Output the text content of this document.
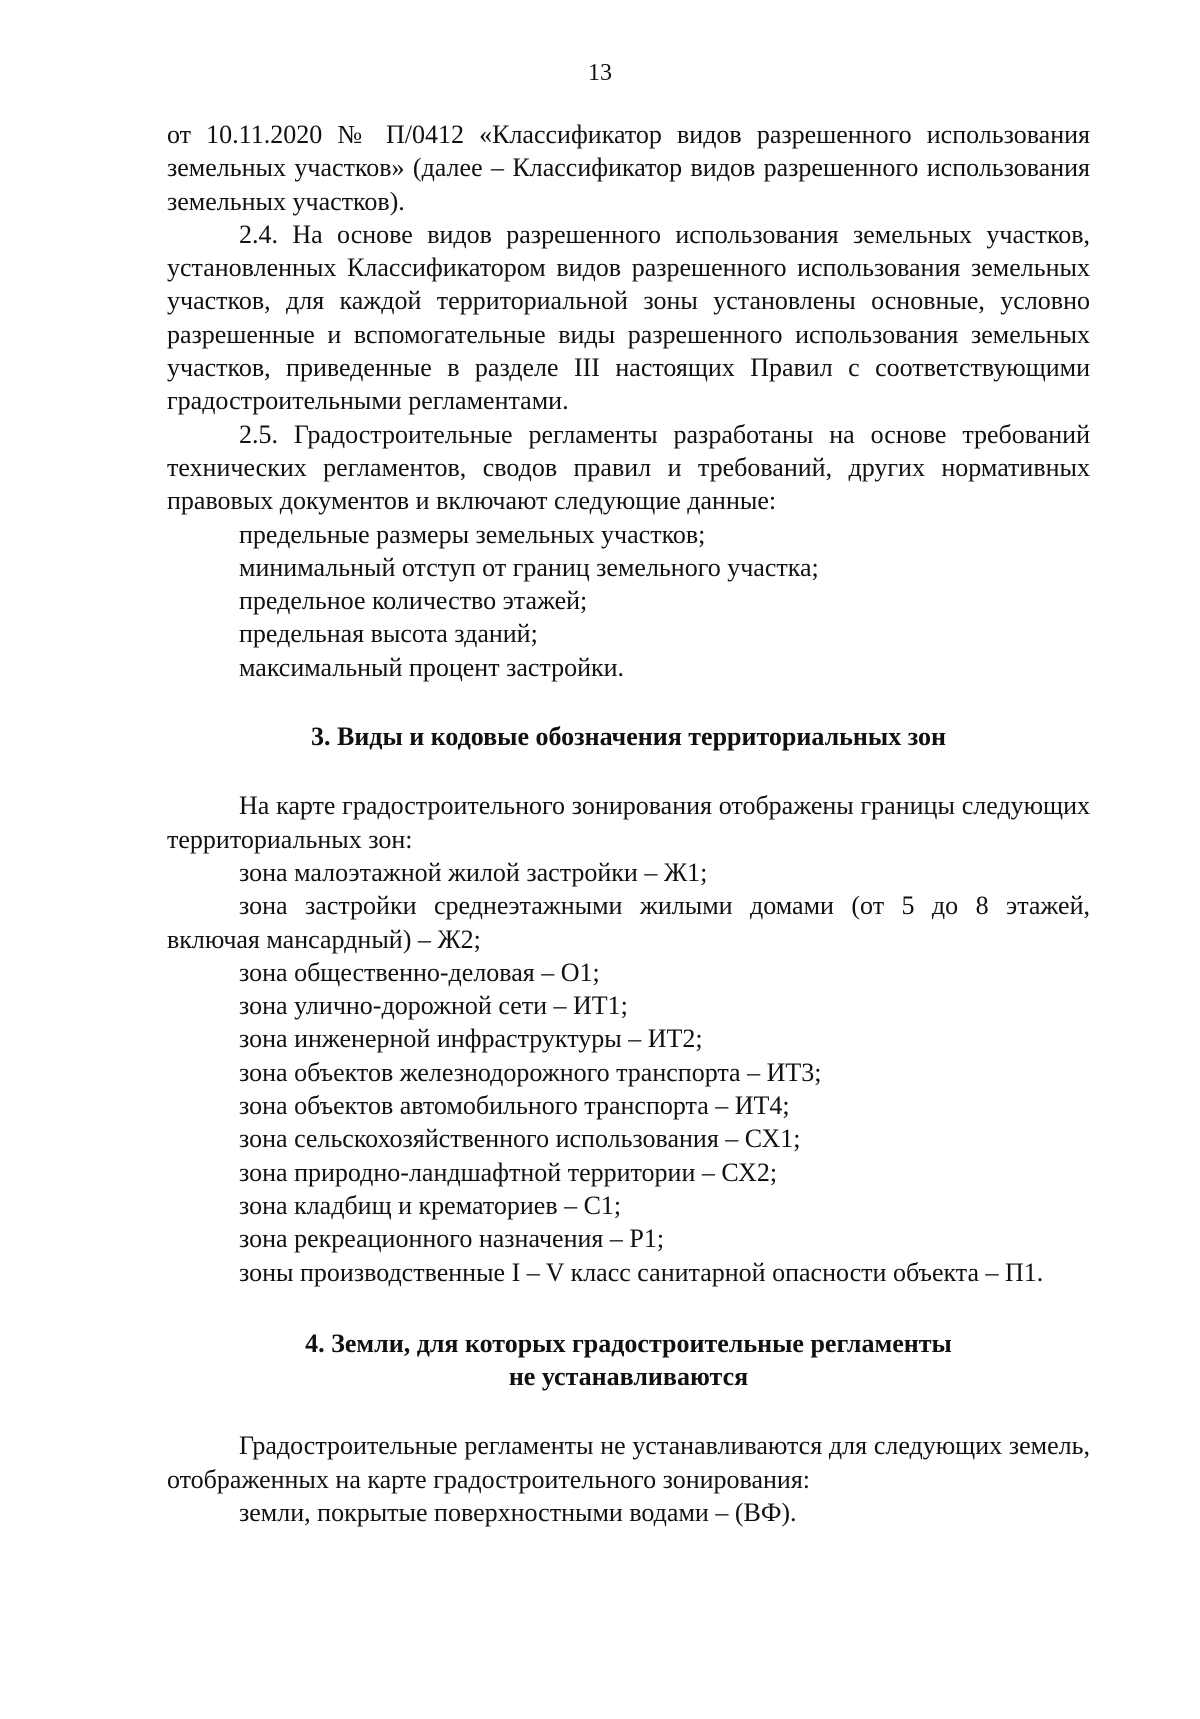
13

от 10.11.2020 № П/0412 «Классификатор видов разрешенного использования земельных участков» (далее – Классификатор видов разрешенного использования земельных участков).

2.4. На основе видов разрешенного использования земельных участков, установленных Классификатором видов разрешенного использования земельных участков, для каждой территориальной зоны установлены основные, условно разрешенные и вспомогательные виды разрешенного использования земельных участков, приведенные в разделе III настоящих Правил с соответствующими градостроительными регламентами.

2.5. Градостроительные регламенты разработаны на основе требований технических регламентов, сводов правил и требований, других нормативных правовых документов и включают следующие данные:

предельные размеры земельных участков;

минимальный отступ от границ земельного участка;

предельное количество этажей;

предельная высота зданий;

максимальный процент застройки.

3. Виды и кодовые обозначения территориальных зон

На карте градостроительного зонирования отображены границы следующих территориальных зон:

зона малоэтажной жилой застройки – Ж1;

зона застройки среднеэтажными жилыми домами (от 5 до 8 этажей, включая мансардный) – Ж2;

зона общественно-деловая – О1;

зона улично-дорожной сети – ИТ1;

зона инженерной инфраструктуры – ИТ2;

зона объектов железнодорожного транспорта – ИТ3;

зона объектов автомобильного транспорта – ИТ4;

зона сельскохозяйственного использования – СХ1;

зона природно-ландшафтной территории – СХ2;

зона кладбищ и крематориев – С1;

зона рекреационного назначения – Р1;

зоны производственные I – V класс санитарной опасности объекта – П1.

4. Земли, для которых градостроительные регламенты
не устанавливаются

Градостроительные регламенты не устанавливаются для следующих земель, отображенных на карте градостроительного зонирования:

земли, покрытые поверхностными водами – (ВФ).
